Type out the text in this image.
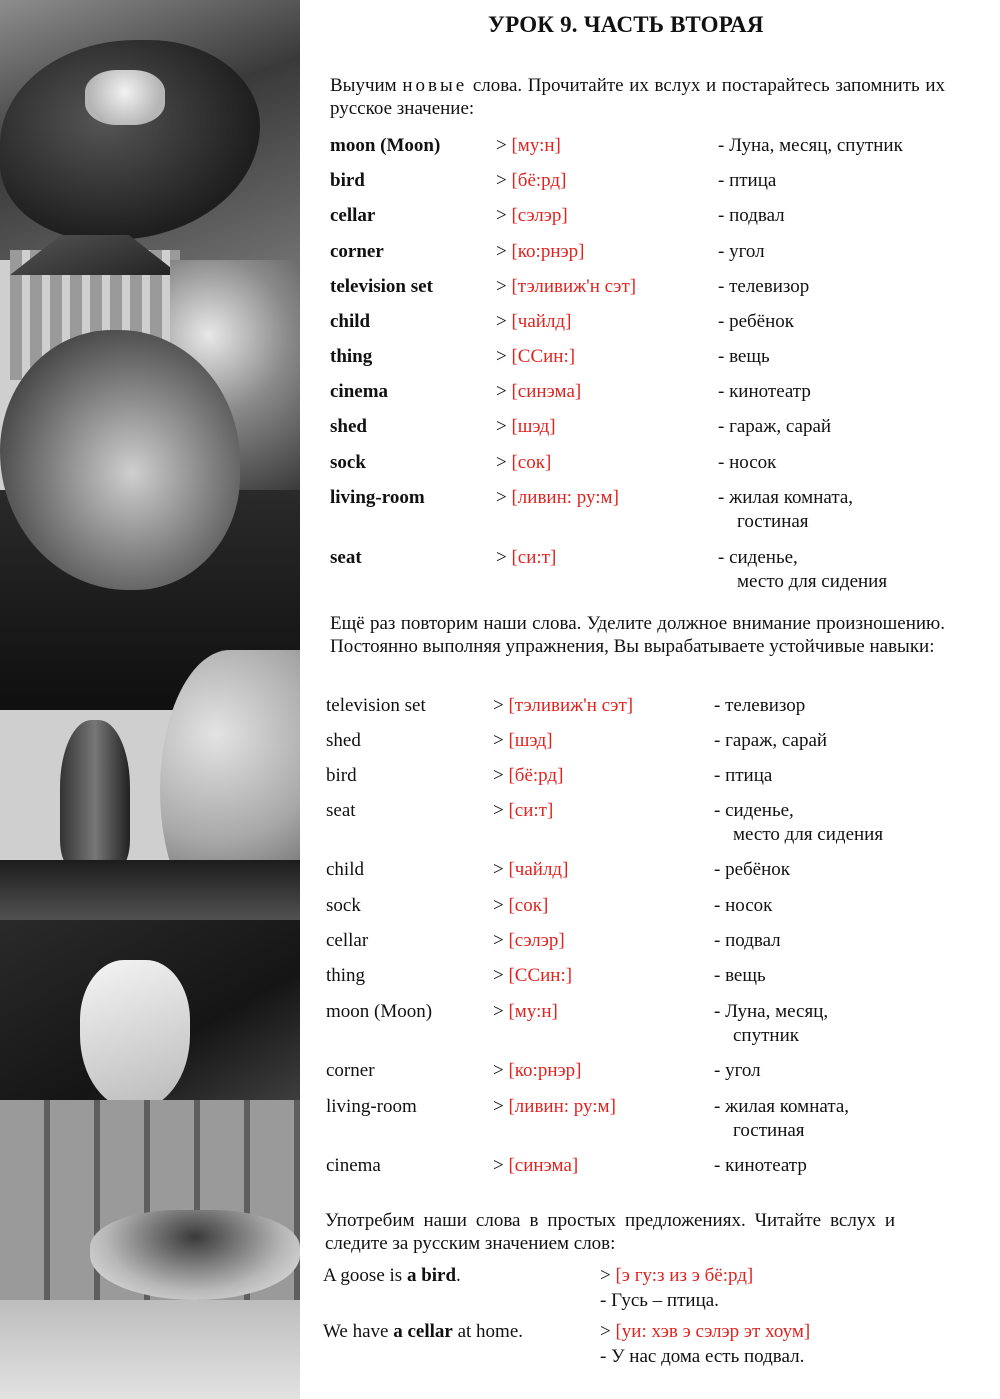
УРОК 9. ЧАСТЬ ВТОРАЯ
Выучим новые слова. Прочитайте их вслух и постарайтесь запомнить их русское значение:
moon (Moon)	> [му:н]	- Луна, месяц, спутник
bird	> [бё:рд]	- птица
cellar	> [сэлэр]	- подвал
corner	> [ко:рнэр]	- угол
television set	> [тэливиж'н сэт]	- телевизор
child	> [чайлд]	- ребёнок
thing	> [ССин:]	- вещь
cinema	> [синэма]	- кинотеатр
shed	> [шэд]	- гараж, сарай
sock	> [сок]	- носок
living-room	> [ливин: ру:м]	- жилая комната,
гостиная
seat	> [си:т]	- сиденье,
место для сидения
Ещё раз повторим наши слова. Уделите должное внимание произношению. Постоянно выполняя упражнения, Вы вырабатываете устойчивые навыки:
television set	> [тэливиж'н сэт]	- телевизор
shed	> [шэд]	- гараж, сарай
bird	> [бё:рд]	- птица
seat	> [си:т]	- сиденье,
место для сидения
child	> [чайлд]	- ребёнок
sock	> [сок]	- носок
cellar	> [сэлэр]	- подвал
thing	> [ССин:]	- вещь
moon (Moon)	> [му:н]	- Луна, месяц,
спутник
corner	> [ко:рнэр]	- угол
living-room	> [ливин: ру:м]	- жилая комната,
гостиная
cinema	> [синэма]	- кинотеатр
Употребим наши слова в простых предложениях. Читайте вслух и следите за русским значением слов:
A goose is a bird.	> [э гу:з из э бё:рд]
- Гусь – птица.
We have a cellar at home.	> [уи: хэв э сэлэр эт хоум]
- У нас дома есть подвал.
